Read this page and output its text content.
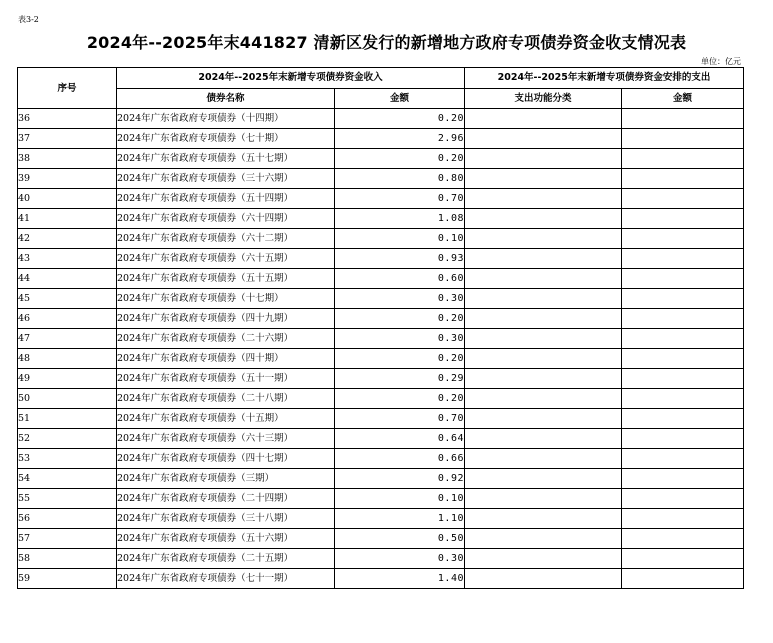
表3-2
2024年--2025年末441827 清新区发行的新增地方政府专项债券资金收支情况表
单位：亿元
序号	2024年--2025年末新增专项债券资金收入		2024年--2025年末新增专项债券资金安排的支出	
	债券名称	金额	支出功能分类	金额
36	2024年广东省政府专项债券（十四期）	0.20		
37	2024年广东省政府专项债券（七十期）	2.96		
38	2024年广东省政府专项债券（五十七期）	0.20		
39	2024年广东省政府专项债券（三十六期）	0.80		
40	2024年广东省政府专项债券（五十四期）	0.70		
41	2024年广东省政府专项债券（六十四期）	1.08		
42	2024年广东省政府专项债券（六十二期）	0.10		
43	2024年广东省政府专项债券（六十五期）	0.93		
44	2024年广东省政府专项债券（五十五期）	0.60		
45	2024年广东省政府专项债券（十七期）	0.30		
46	2024年广东省政府专项债券（四十九期）	0.20		
47	2024年广东省政府专项债券（二十六期）	0.30		
48	2024年广东省政府专项债券（四十期）	0.20		
49	2024年广东省政府专项债券（五十一期）	0.29		
50	2024年广东省政府专项债券（二十八期）	0.20		
51	2024年广东省政府专项债券（十五期）	0.70		
52	2024年广东省政府专项债券（六十三期）	0.64		
53	2024年广东省政府专项债券（四十七期）	0.66		
54	2024年广东省政府专项债券（三期）	0.92		
55	2024年广东省政府专项债券（二十四期）	0.10		
56	2024年广东省政府专项债券（三十八期）	1.10		
57	2024年广东省政府专项债券（五十六期）	0.50		
58	2024年广东省政府专项债券（二十五期）	0.30		
59	2024年广东省政府专项债券（七十一期）	1.40		
